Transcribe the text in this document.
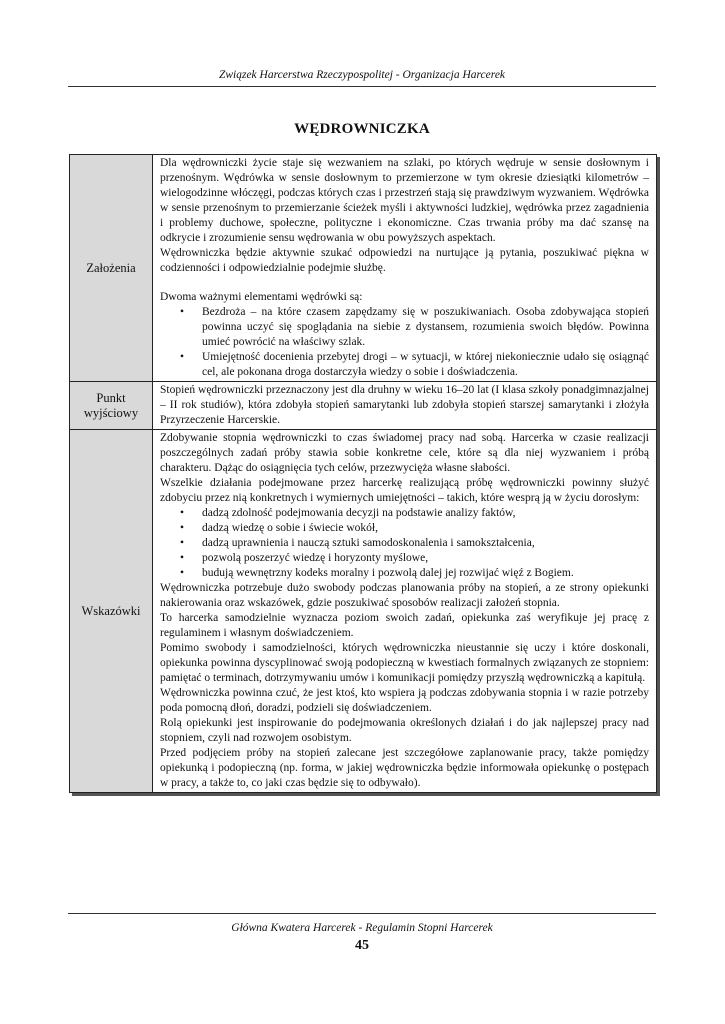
Związek Harcerstwa Rzeczypospolitej - Organizacja Harcerek
WĘDROWNICZKA
Założenia

Dla wędrowniczki życie staje się wezwaniem na szlaki, po których wędruje w sensie dosłownym i przenośnym. Wędrówka w sensie dosłownym to przemierzone w tym okresie dziesiątki kilometrów – wielogodzinne włóczęgi, podczas których czas i przestrzeń stają się prawdziwym wyzwaniem. Wędrówka w sensie przenośnym to przemierzanie ścieżek myśli i aktywności ludzkiej, wędrówka przez zagadnienia i problemy duchowe, społeczne, polityczne i ekonomiczne. Czas trwania próby ma dać szansę na odkrycie i zrozumienie sensu wędrowania w obu powyższych aspektach.

Wędrowniczka będzie aktywnie szukać odpowiedzi na nurtujące ją pytania, poszukiwać piękna w codzienności i odpowiedzialnie podejmie służbę.

Dwoma ważnymi elementami wędrówki są:

• Bezdroża – na które czasem zapędzamy się w poszukiwaniach. Osoba zdobywająca stopień powinna uczyć się spoglądania na siebie z dystansem, rozumienia swoich błędów. Powinna umieć powrócić na właściwy szlak.
• Umiejętność docenienia przebytej drogi – w sytuacji, w której niekoniecznie udało się osiągnąć cel, ale pokonana droga dostarczyła wiedzy o sobie i doświadczenia.
Punkt wyjściowy

Stopień wędrowniczki przeznaczony jest dla druhny w wieku 16–20 lat (I klasa szkoły ponadgimnazjalnej – II rok studiów), która zdobyła stopień samarytanki lub zdobyła stopień starszej samarytanki i złożyła Przyrzeczenie Harcerskie.

Wskazówki

Zdobywanie stopnia wędrowniczki to czas świadomej pracy nad sobą. Harcerka w czasie realizacji poszczególnych zadań próby stawia sobie konkretne cele, które są dla niej wyzwaniem i próbą charakteru. Dążąc do osiągnięcia tych celów, przezwycięża własne słabości.

Wszelkie działania podejmowane przez harcerkę realizującą próbę wędrowniczki powinny służyć zdobyciu przez nią konkretnych i wymiernych umiejętności – takich, które wesprą ją w życiu dorosłym:

• dadzą zdolność podejmowania decyzji na podstawie analizy faktów,
• dadzą wiedzę o sobie i świecie wokół,
• dadzą uprawnienia i nauczą sztuki samodoskonalenia i samokształcenia,
• pozwolą poszerzyć wiedzę i horyzonty myślowe,
• budują wewnętrzny kodeks moralny i pozwolą dalej jej rozwijać więź z Bogiem.

Wędrowniczka potrzebuje dużo swobody podczas planowania próby na stopień, a ze strony opiekunki nakierowania oraz wskazówek, gdzie poszukiwać sposobów realizacji założeń stopnia.

To harcerka samodzielnie wyznacza poziom swoich zadań, opiekunka zaś weryfikuje jej pracę z regulaminem i własnym doświadczeniem.

Pomimo swobody i samodzielności, których wędrowniczka nieustannie się uczy i które doskonali, opiekunka powinna dyscyplinować swoją podopieczną w kwestiach formalnych związanych ze stopniem: pamiętać o terminach, dotrzymywaniu umów i komunikacji pomiędzy przyszłą wędrowniczką a kapitułą.

Wędrowniczka powinna czuć, że jest ktoś, kto wspiera ją podczas zdobywania stopnia i w razie potrzeby poda pomocną dłoń, doradzi, podzieli się doświadczeniem.

Rolą opiekunki jest inspirowanie do podejmowania określonych działań i do jak najlepszej pracy nad stopniem, czyli nad rozwojem osobistym.

Przed podjęciem próby na stopień zalecane jest szczegółowe zaplanowanie pracy, także pomiędzy opiekunką i podopieczną (np. forma, w jakiej wędrowniczka będzie informowała opiekunkę o postępach w pracy, a także to, co jaki czas będzie się to odbywało).

Główna Kwatera Harcerek - Regulamin Stopni Harcerek
45
